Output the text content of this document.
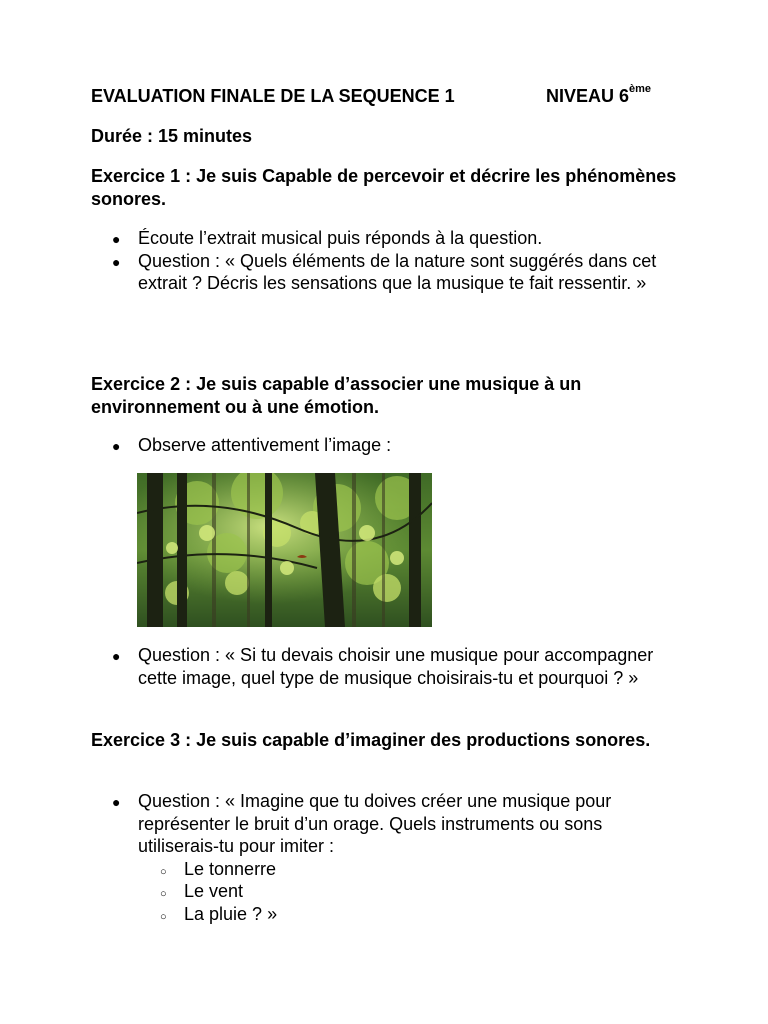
EVALUATION FINALE DE LA SEQUENCE 1	NIVEAU 6ème
Durée : 15 minutes
Exercice 1 : Je suis Capable de percevoir et décrire les phénomènes sonores.
● Écoute l’extrait musical puis réponds à la question.
● Question : « Quels éléments de la nature sont suggérés dans cet extrait ? Décris les sensations que la musique te fait ressentir. »
Exercice 2 : Je suis capable d’associer une musique à un environnement ou à une émotion.
● Observe attentivement l’image :
● Question : « Si tu devais choisir une musique pour accompagner cette image, quel type de musique choisirais-tu et pourquoi ? »
Exercice 3 : Je suis capable d’imaginer des productions sonores.
● Question : « Imagine que tu doives créer une musique pour représenter le bruit d’un orage. Quels instruments ou sons utiliserais-tu pour imiter :
○ Le tonnerre
○ Le vent
○ La pluie ? »
